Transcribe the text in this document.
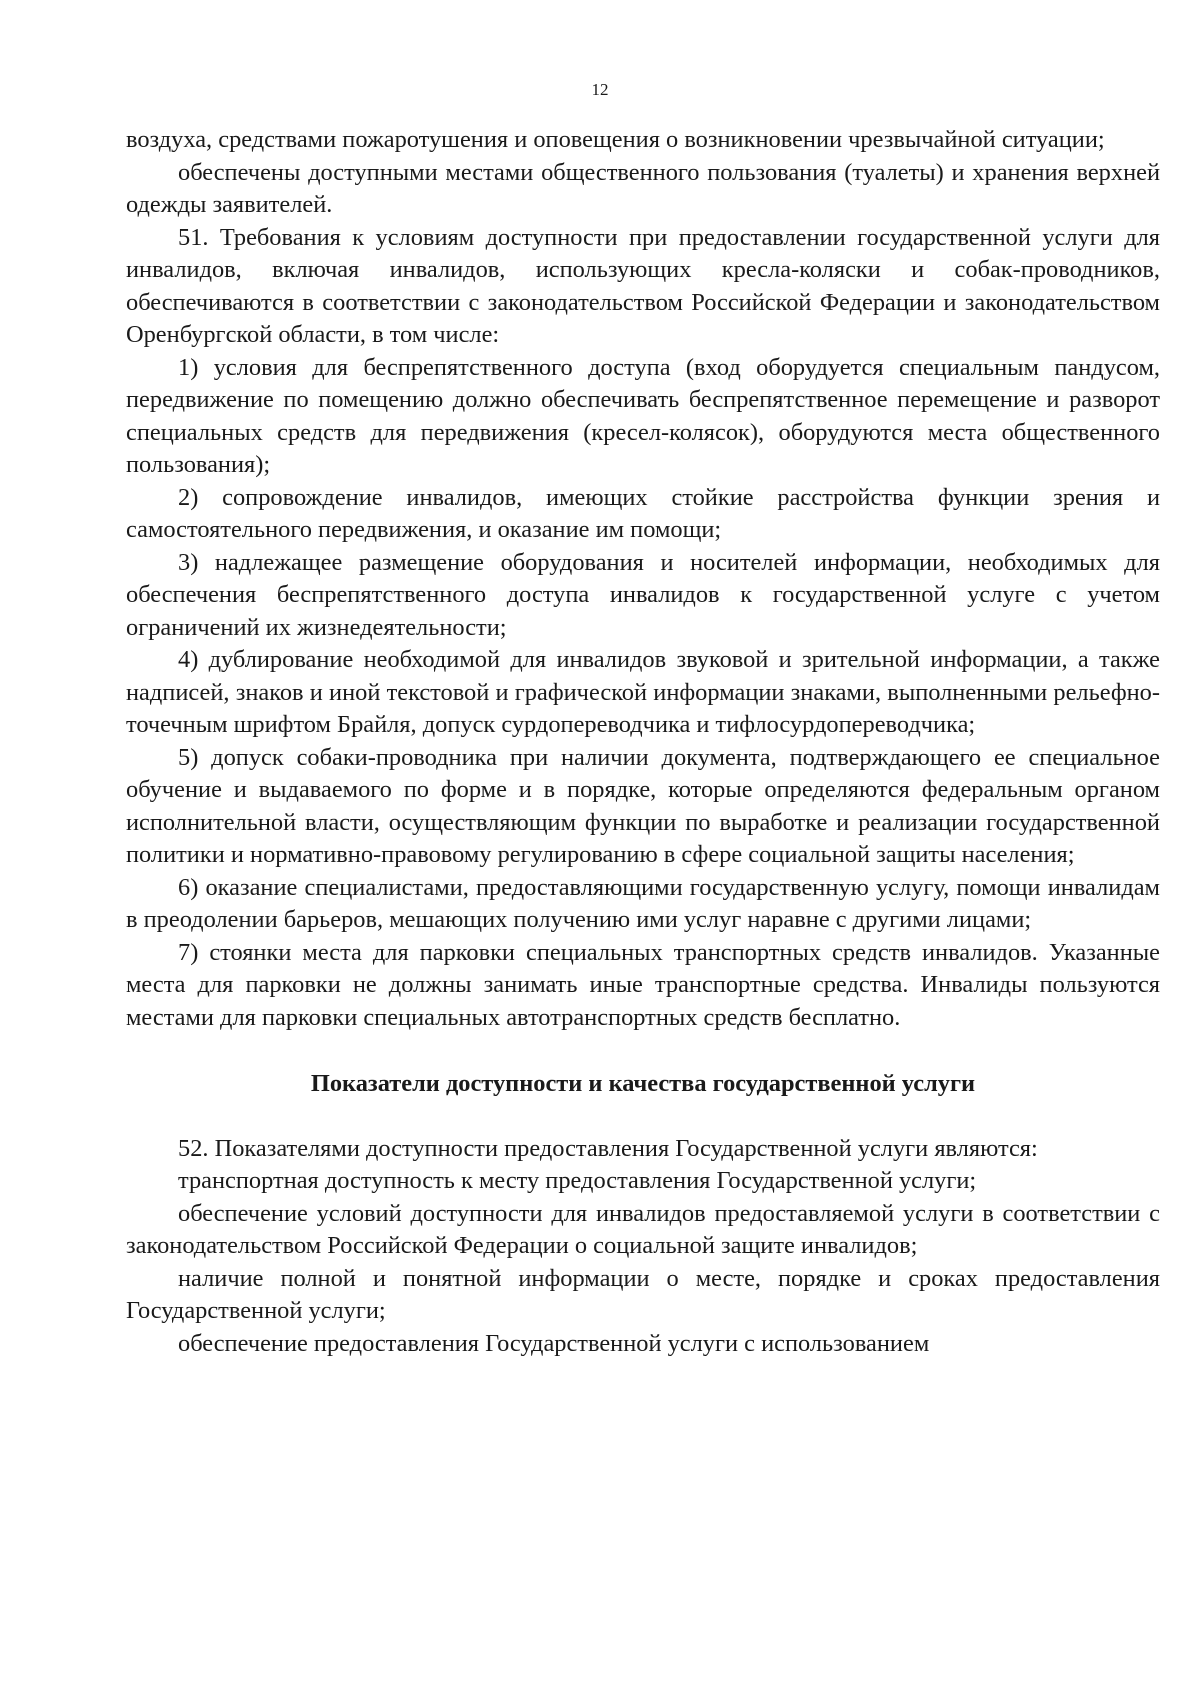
12

воздуха, средствами пожаротушения и оповещения о возникновении чрезвычайной ситуации;

обеспечены доступными местами общественного пользования (туалеты) и хранения верхней одежды заявителей.

51. Требования к условиям доступности при предоставлении государственной услуги для инвалидов, включая инвалидов, использующих кресла-коляски и собак-проводников, обеспечиваются в соответствии с законодательством Российской Федерации и законодательством Оренбургской области, в том числе:

1) условия для беспрепятственного доступа (вход оборудуется специальным пандусом, передвижение по помещению должно обеспечивать беспрепятственное перемещение и разворот специальных средств для передвижения (кресел-колясок), оборудуются места общественного пользования);

2) сопровождение инвалидов, имеющих стойкие расстройства функции зрения и самостоятельного передвижения, и оказание им помощи;

3) надлежащее размещение оборудования и носителей информации, необходимых для обеспечения беспрепятственного доступа инвалидов к государственной услуге с учетом ограничений их жизнедеятельности;

4) дублирование необходимой для инвалидов звуковой и зрительной информации, а также надписей, знаков и иной текстовой и графической информации знаками, выполненными рельефно-точечным шрифтом Брайля, допуск сурдопереводчика и тифлосурдопереводчика;

5) допуск собаки-проводника при наличии документа, подтверждающего ее специальное обучение и выдаваемого по форме и в порядке, которые определяются федеральным органом исполнительной власти, осуществляющим функции по выработке и реализации государственной политики и нормативно-правовому регулированию в сфере социальной защиты населения;

6) оказание специалистами, предоставляющими государственную услугу, помощи инвалидам в преодолении барьеров, мешающих получению ими услуг наравне с другими лицами;

7) стоянки места для парковки специальных транспортных средств инвалидов. Указанные места для парковки не должны занимать иные транспортные средства. Инвалиды пользуются местами для парковки специальных автотранспортных средств бесплатно.

Показатели доступности и качества государственной услуги

52. Показателями доступности предоставления Государственной услуги являются:

транспортная доступность к месту предоставления Государственной услуги;

обеспечение условий доступности для инвалидов предоставляемой услуги в соответствии с законодательством Российской Федерации о социальной защите инвалидов;

наличие полной и понятной информации о месте, порядке и сроках предоставления Государственной услуги;

обеспечение предоставления Государственной услуги с использованием
